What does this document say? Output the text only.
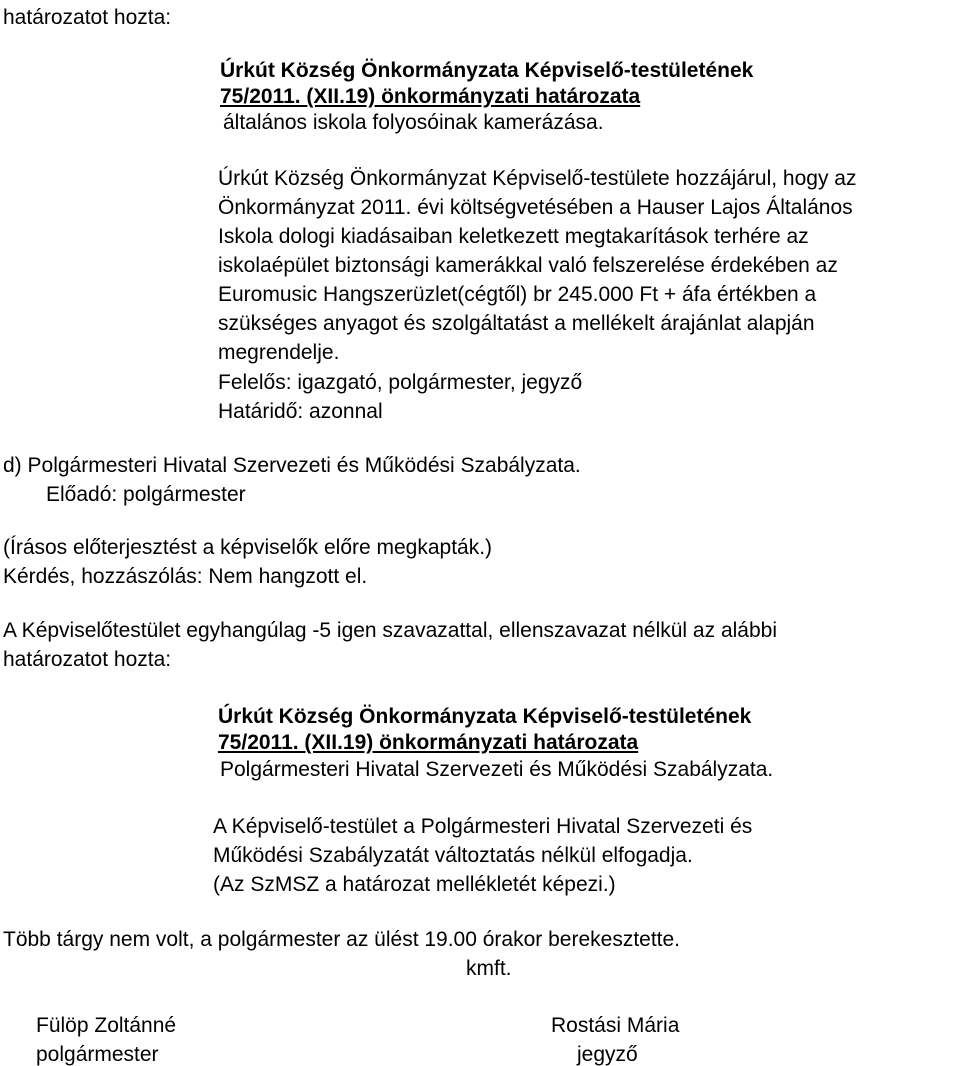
határozatot hozta:
Úrkút Község Önkormányzata Képviselő-testületének
75/2011. (XII.19) önkormányzati határozata
általános iskola folyosóinak kamerázása.
Úrkút Község Önkormányzat Képviselő-testülete hozzájárul, hogy az
Önkormányzat 2011. évi költségvetésében a Hauser Lajos Általános
Iskola dologi kiadásaiban keletkezett megtakarítások terhére az
iskolaépület biztonsági kamerákkal való felszerelése érdekében az
Euromusic Hangszerüzlet(cégtől) br 245.000 Ft + áfa értékben a
szükséges anyagot és szolgáltatást a mellékelt árajánlat alapján
megrendelje.
Felelős: igazgató, polgármester, jegyző
Határidő: azonnal
d) Polgármesteri Hivatal Szervezeti és Működési Szabályzata.
Előadó: polgármester
(Írásos előterjesztést a képviselők előre megkapták.)
Kérdés, hozzászólás: Nem hangzott el.
A Képviselőtestület egyhangúlag -5 igen szavazattal, ellenszavazat nélkül az alábbi
határozatot hozta:
Úrkút Község Önkormányzata Képviselő-testületének
75/2011. (XII.19) önkormányzati határozata
Polgármesteri Hivatal Szervezeti és Működési Szabályzata.
A Képviselő-testület a Polgármesteri Hivatal Szervezeti és
Működési Szabályzatát változtatás nélkül elfogadja.
(Az SzMSZ a határozat mellékletét képezi.)
Több tárgy nem volt, a polgármester az ülést 19.00 órakor berekesztette.
kmft.
Fülöp Zoltánné
polgármester
Rostási Mária
jegyző
